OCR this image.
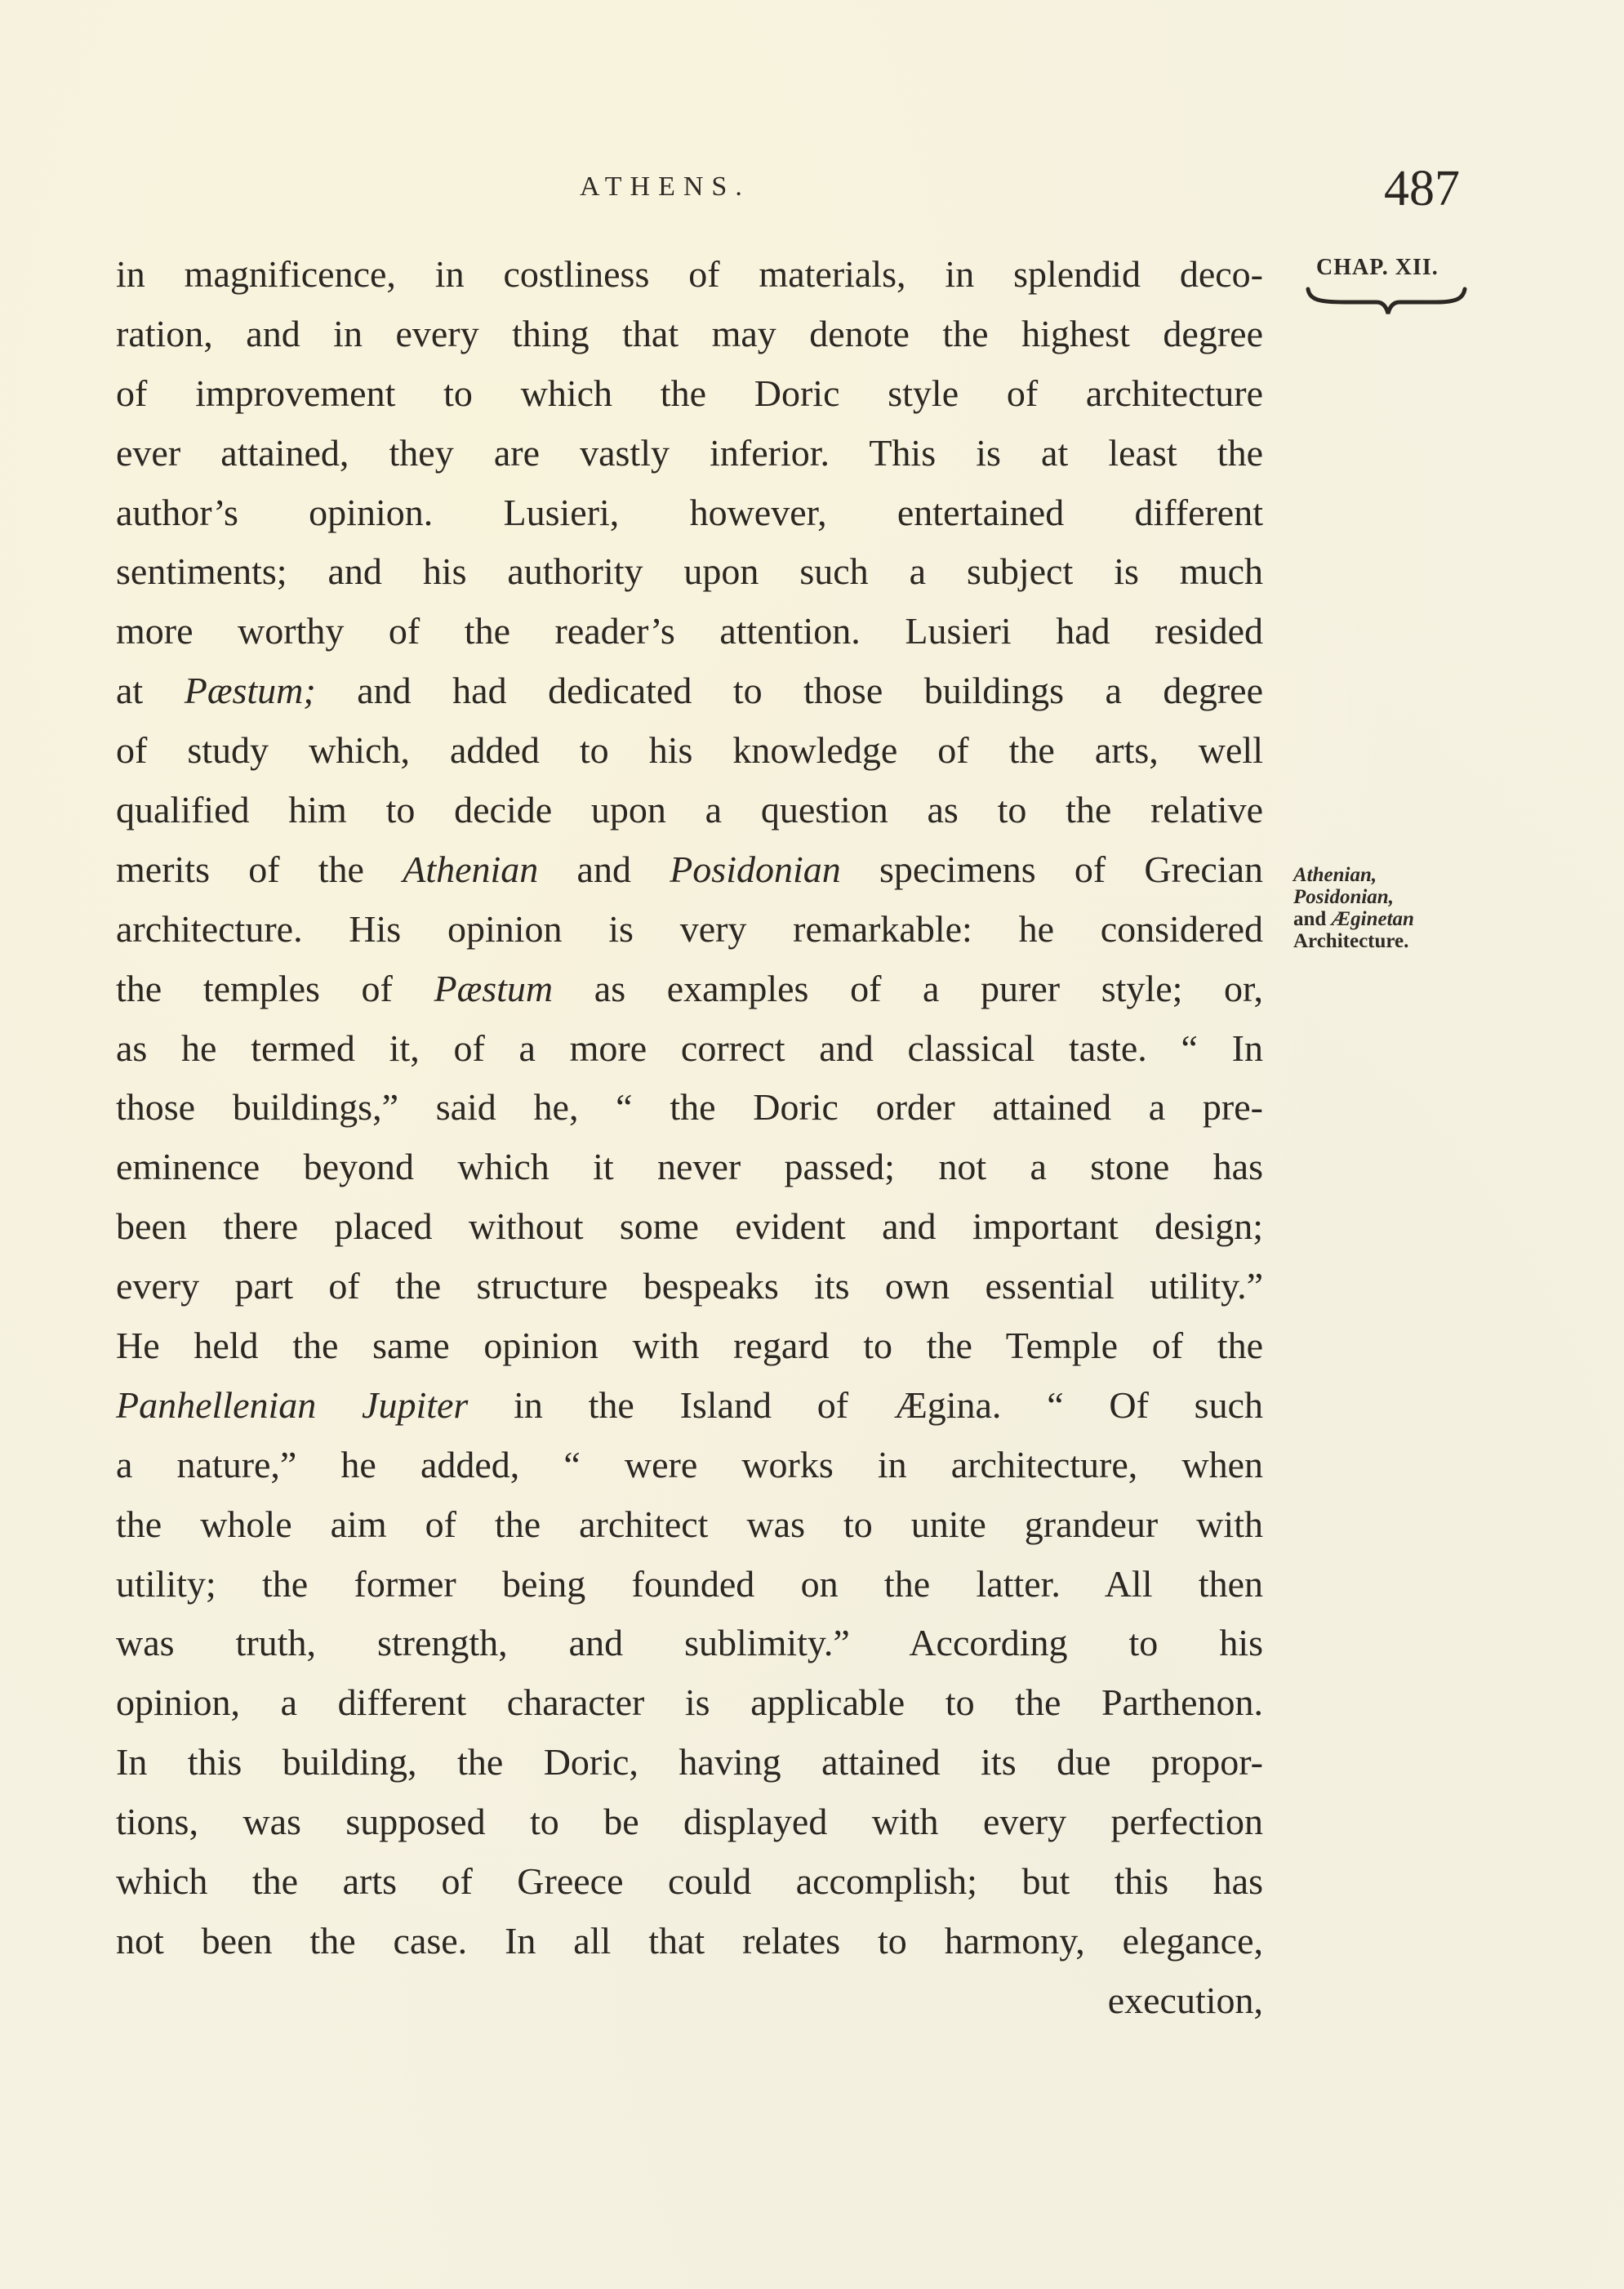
ATHENS.	487
CHAP. XII.
Athenian,
Posidonian,
and Æginetan
Architecture.
in magnificence, in costliness of materials, in splendid deco-
ration, and in every thing that may denote the highest degree
of improvement to which the Doric style of architecture
ever attained, they are vastly inferior. This is at least the
author’s opinion. Lusieri, however, entertained different
sentiments; and his authority upon such a subject is much
more worthy of the reader’s attention. Lusieri had resided
at Pæstum; and had dedicated to those buildings a degree
of study which, added to his knowledge of the arts, well
qualified him to decide upon a question as to the relative
merits of the Athenian and Posidonian specimens of Grecian
architecture. His opinion is very remarkable: he considered
the temples of Pæstum as examples of a purer style; or,
as he termed it, of a more correct and classical taste. “ In
those buildings,” said he, “ the Doric order attained a pre-
eminence beyond which it never passed; not a stone has
been there placed without some evident and important design;
every part of the structure bespeaks its own essential utility.”
He held the same opinion with regard to the Temple of the
Panhellenian Jupiter in the Island of Ægina. “ Of such
a nature,” he added, “ were works in architecture, when
the whole aim of the architect was to unite grandeur with
utility; the former being founded on the latter. All then
was truth, strength, and sublimity.” According to his
opinion, a different character is applicable to the Parthenon.
In this building, the Doric, having attained its due propor-
tions, was supposed to be displayed with every perfection
which the arts of Greece could accomplish; but this has
not been the case. In all that relates to harmony, elegance,
execution,
